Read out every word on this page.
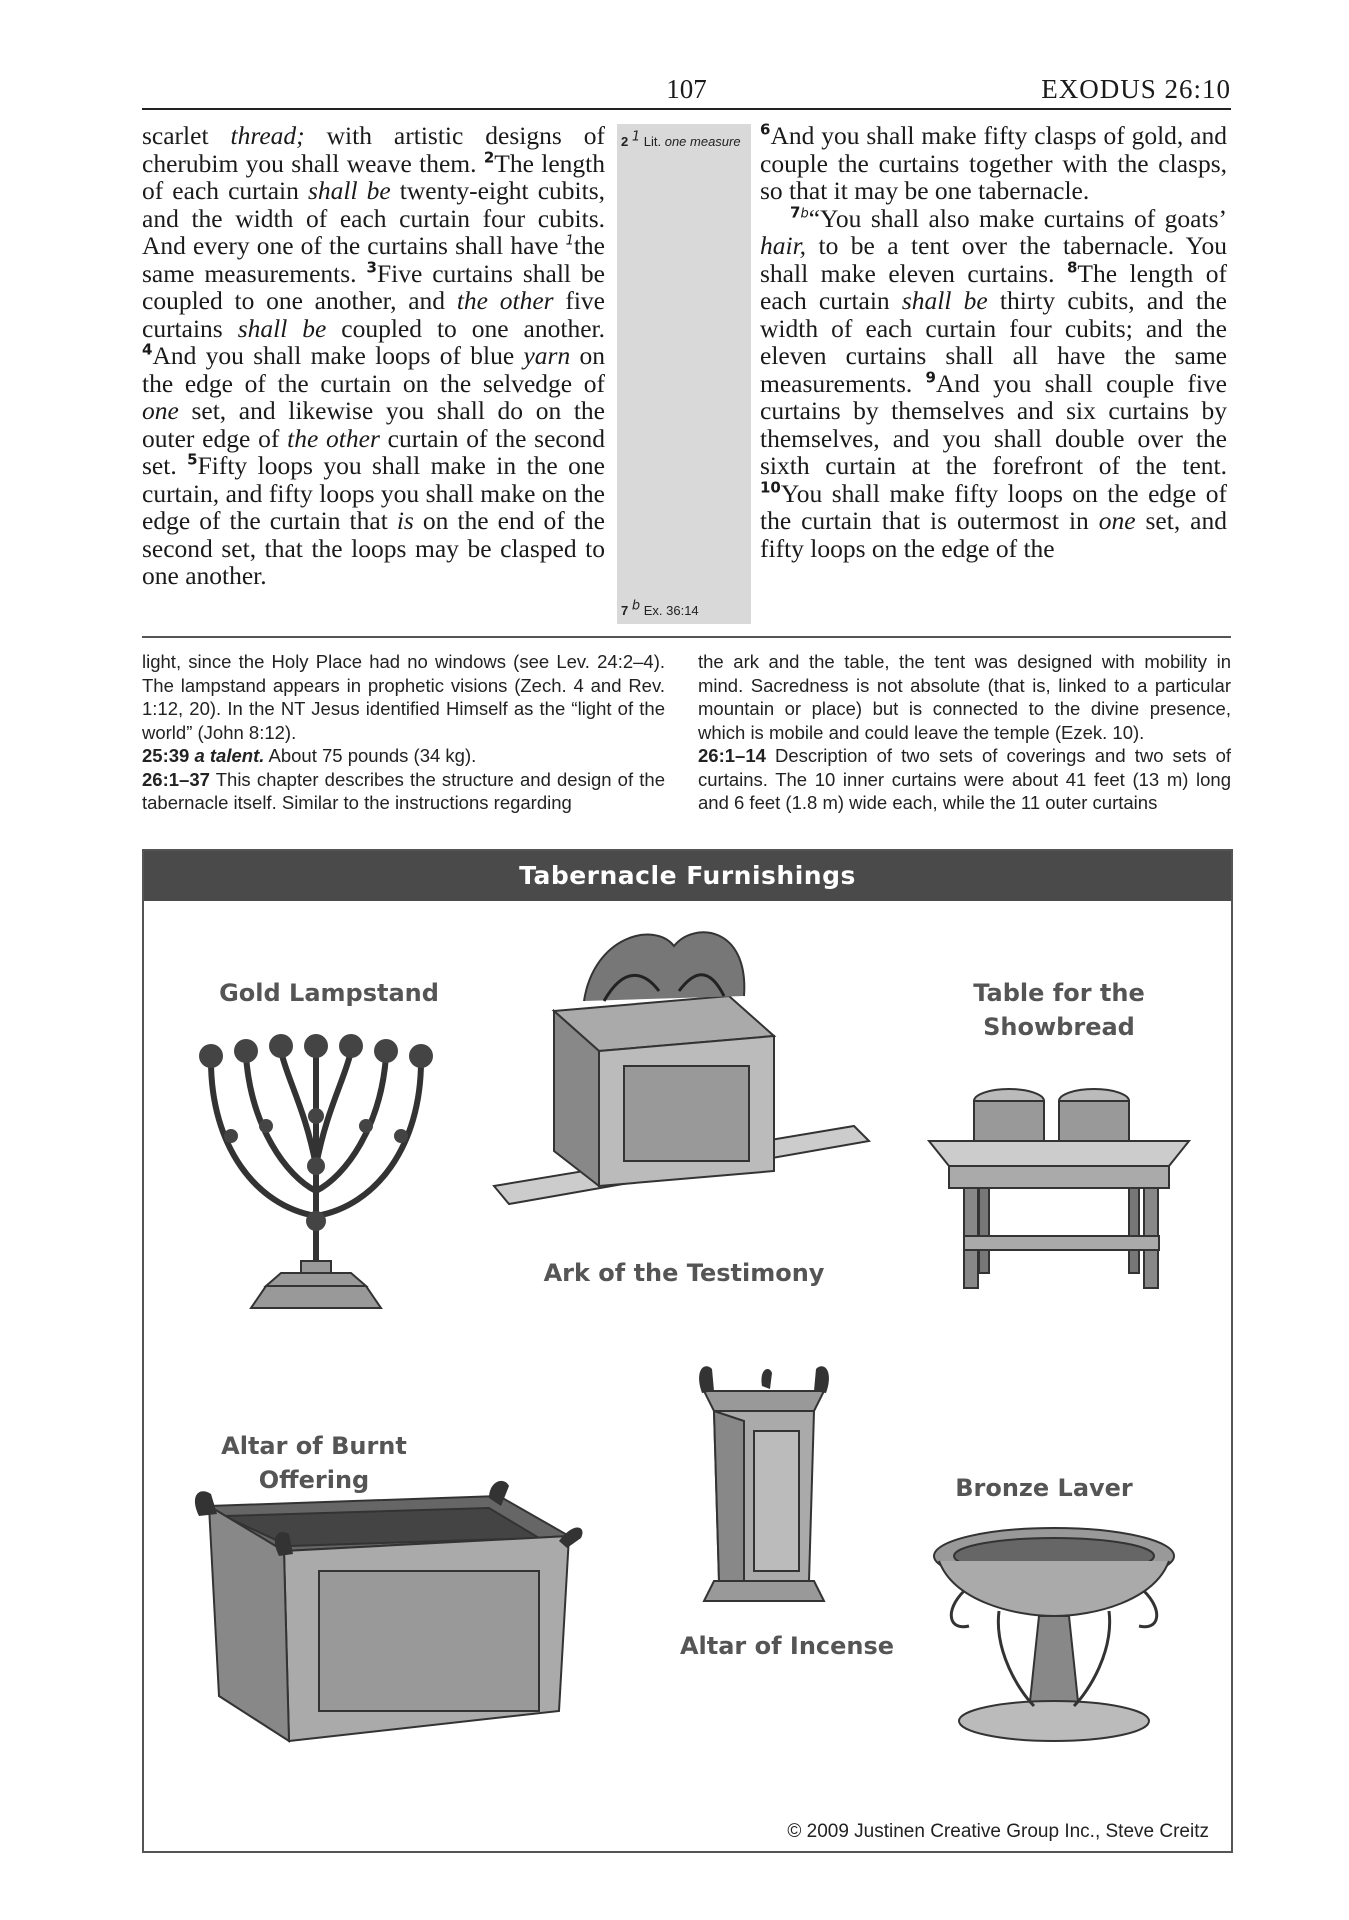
107	EXODUS 26:10

scarlet thread; with artistic designs of cherubim you shall weave them. $^2$The length of each curtain shall be twenty-eight cubits, and the width of each curtain four cubits. And every one of the curtains shall have $^1$the same measurements. $^3$Five curtains shall be coupled to one another, and the other five curtains shall be coupled to one another. $^4$And you shall make loops of blue yarn on the edge of the curtain on the selvedge of one set, and likewise you shall do on the outer edge of the other curtain of the second set. $^5$Fifty loops you shall make in the one curtain, and fifty loops you shall make on the edge of the curtain that is on the end of the second set, that the loops may be clasped to one another.

2 $^1$ Lit. one measure
7 $^b$ Ex. 36:14

$^6$And you shall make fifty clasps of gold, and couple the curtains together with the clasps, so that it may be one tabernacle.

$^{7b}$“You shall also make curtains of goats’ hair, to be a tent over the tabernacle. You shall make eleven curtains. $^8$The length of each curtain shall be thirty cubits, and the width of each curtain four cubits; and the eleven curtains shall all have the same measurements. $^9$And you shall couple five curtains by themselves and six curtains by themselves, and you shall double over the sixth curtain at the forefront of the tent. $^{10}$You shall make fifty loops on the edge of the curtain that is outermost in one set, and fifty loops on the edge of the

light, since the Holy Place had no windows (see Lev. 24:2–4). The lampstand appears in prophetic visions (Zech. 4 and Rev. 1:12, 20). In the NT Jesus identified Himself as the “light of the world” (John 8:12).

25:39 a talent. About 75 pounds (34 kg).

26:1–37 This chapter describes the structure and design of the tabernacle itself. Similar to the instructions regarding

the ark and the table, the tent was designed with mobility in mind. Sacredness is not absolute (that is, linked to a particular mountain or place) but is connected to the divine presence, which is mobile and could leave the temple (Ezek. 10).

26:1–14 Description of two sets of coverings and two sets of curtains. The 10 inner curtains were about 41 feet (13 m) long and 6 feet (1.8 m) wide each, while the 11 outer curtains

Tabernacle Furnishings
Gold Lampstand
Ark of the Testimony
Table for the
Showbread
Altar of Burnt
Offering
Altar of Incense
Bronze Laver
© 2009 Justinen Creative Group Inc., Steve Creitz
